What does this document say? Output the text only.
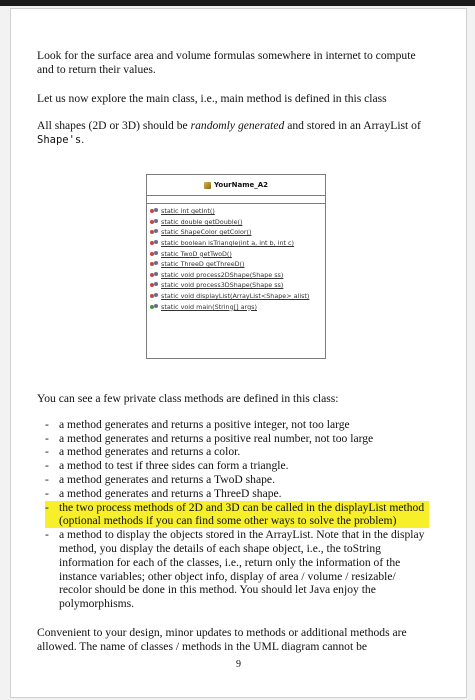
Look for the surface area and volume formulas somewhere in internet to compute and to return their values.

Let us now explore the main class, i.e., main method is defined in this class

All shapes (2D or 3D) should be randomly generated and stored in an ArrayList of Shape's.

YourName_A2
static int getInt()
static double getDouble()
static ShapeColor getColor()
static boolean isTriangle(int a, int b, int c)
static TwoD getTwoD()
static ThreeD getThreeD()
static void process2DShape(Shape ss)
static void process3DShape(Shape ss)
static void displayList(ArrayList<Shape> alist)
static void main(String[] args)

You can see a few private class methods are defined in this class:

- a method generates and returns a positive integer, not too large
- a method generates and returns a positive real number, not too large
- a method generates and returns a color.
- a method to test if three sides can form a triangle.
- a method generates and returns a TwoD shape.
- a method generates and returns a ThreeD shape.
- the two process methods of 2D and 3D can be called in the displayList method (optional methods if you can find some other ways to solve the problem)
- a method to display the objects stored in the ArrayList. Note that in the display method, you display the details of each shape object, i.e., the toString information for each of the classes, i.e., return only the information of the instance variables; other object info, display of area / volume / resizable/ recolor should be done in this method. You should let Java enjoy the polymorphisms.

Convenient to your design, minor updates to methods or additional methods are allowed. The name of classes / methods in the UML diagram cannot be

9
